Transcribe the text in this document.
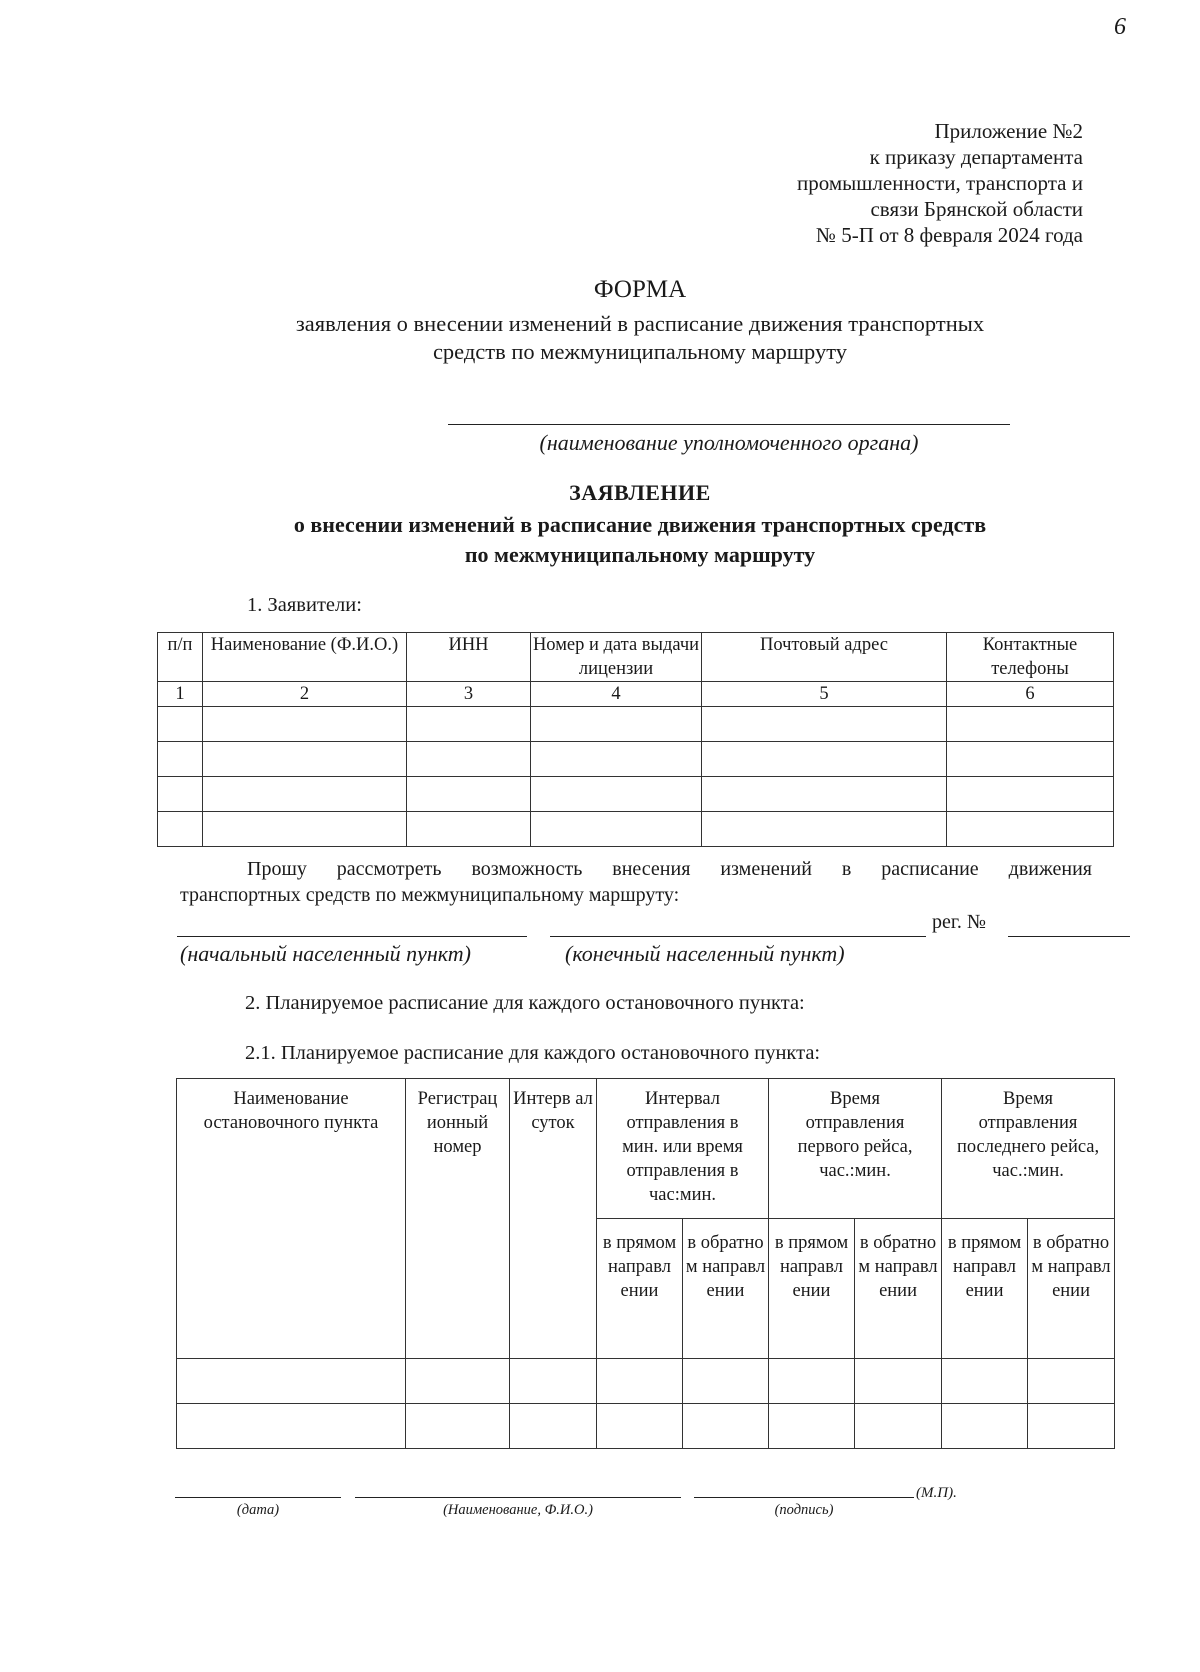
6
Приложение №2
к приказу департамента
промышленности, транспорта и
связи Брянской области
№ 5-П от 8 февраля 2024 года
ФОРМА
заявления о внесении изменений в расписание движения транспортных
средств по межмуниципальному маршруту
(наименование уполномоченного органа)
ЗАЯВЛЕНИЕ
о внесении изменений в расписание движения транспортных средств
по межмуниципальному маршруту
1. Заявители:
п/п	Наименование (Ф.И.О.)	ИНН	Номер и дата выдачи лицензии	Почтовый адрес	Контактные телефоны
1	2	3	4	5	6

Прошу рассмотреть возможность внесения изменений в расписание движения
транспортных средств по межмуниципальному маршруту:
рег. №
(начальный населенный пункт)	(конечный населенный пункт)
2. Планируемое расписание для каждого остановочного пункта:
2.1. Планируемое расписание для каждого остановочного пункта:
Наименование остановочного пункта	Регистрац ионный номер	Интерв ал суток	Интервал отправления в мин. или время отправления в час:мин.		Время отправления первого рейса, час.:мин.		Время отправления последнего рейса, час.:мин.	
			в прямом направл ении	в обратно м направл ении	в прямом направл ении	в обратно м направл ении	в прямом направл ении	в обратно м направл ении

(М.П).
(дата)	(Наименование, Ф.И.О.)	(подпись)
